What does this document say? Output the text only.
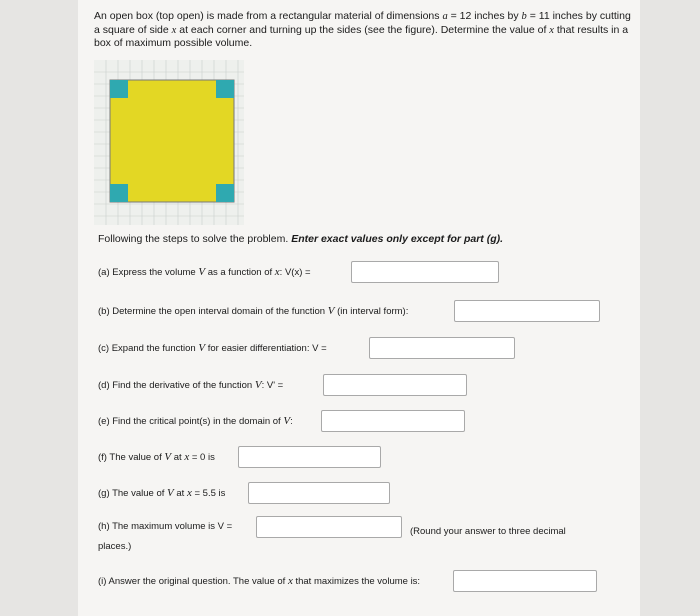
An open box (top open) is made from a rectangular material of dimensions a = 12 inches by b = 11 inches by cutting a square of side x at each corner and turning up the sides (see the figure). Determine the value of x that results in a box of maximum possible volume.
Following the steps to solve the problem. Enter exact values only except for part (g).
(a) Express the volume V as a function of x: V(x) =
(b) Determine the open interval domain of the function V (in interval form):
(c) Expand the function V for easier differentiation: V =
(d) Find the derivative of the function V: V' =
(e) Find the critical point(s) in the domain of V:
(f) The value of V at x = 0 is
(g) The value of V at x = 5.5 is
(h) The maximum volume is V =	(Round your answer to three decimal
places.)
(i) Answer the original question. The value of x that maximizes the volume is:
